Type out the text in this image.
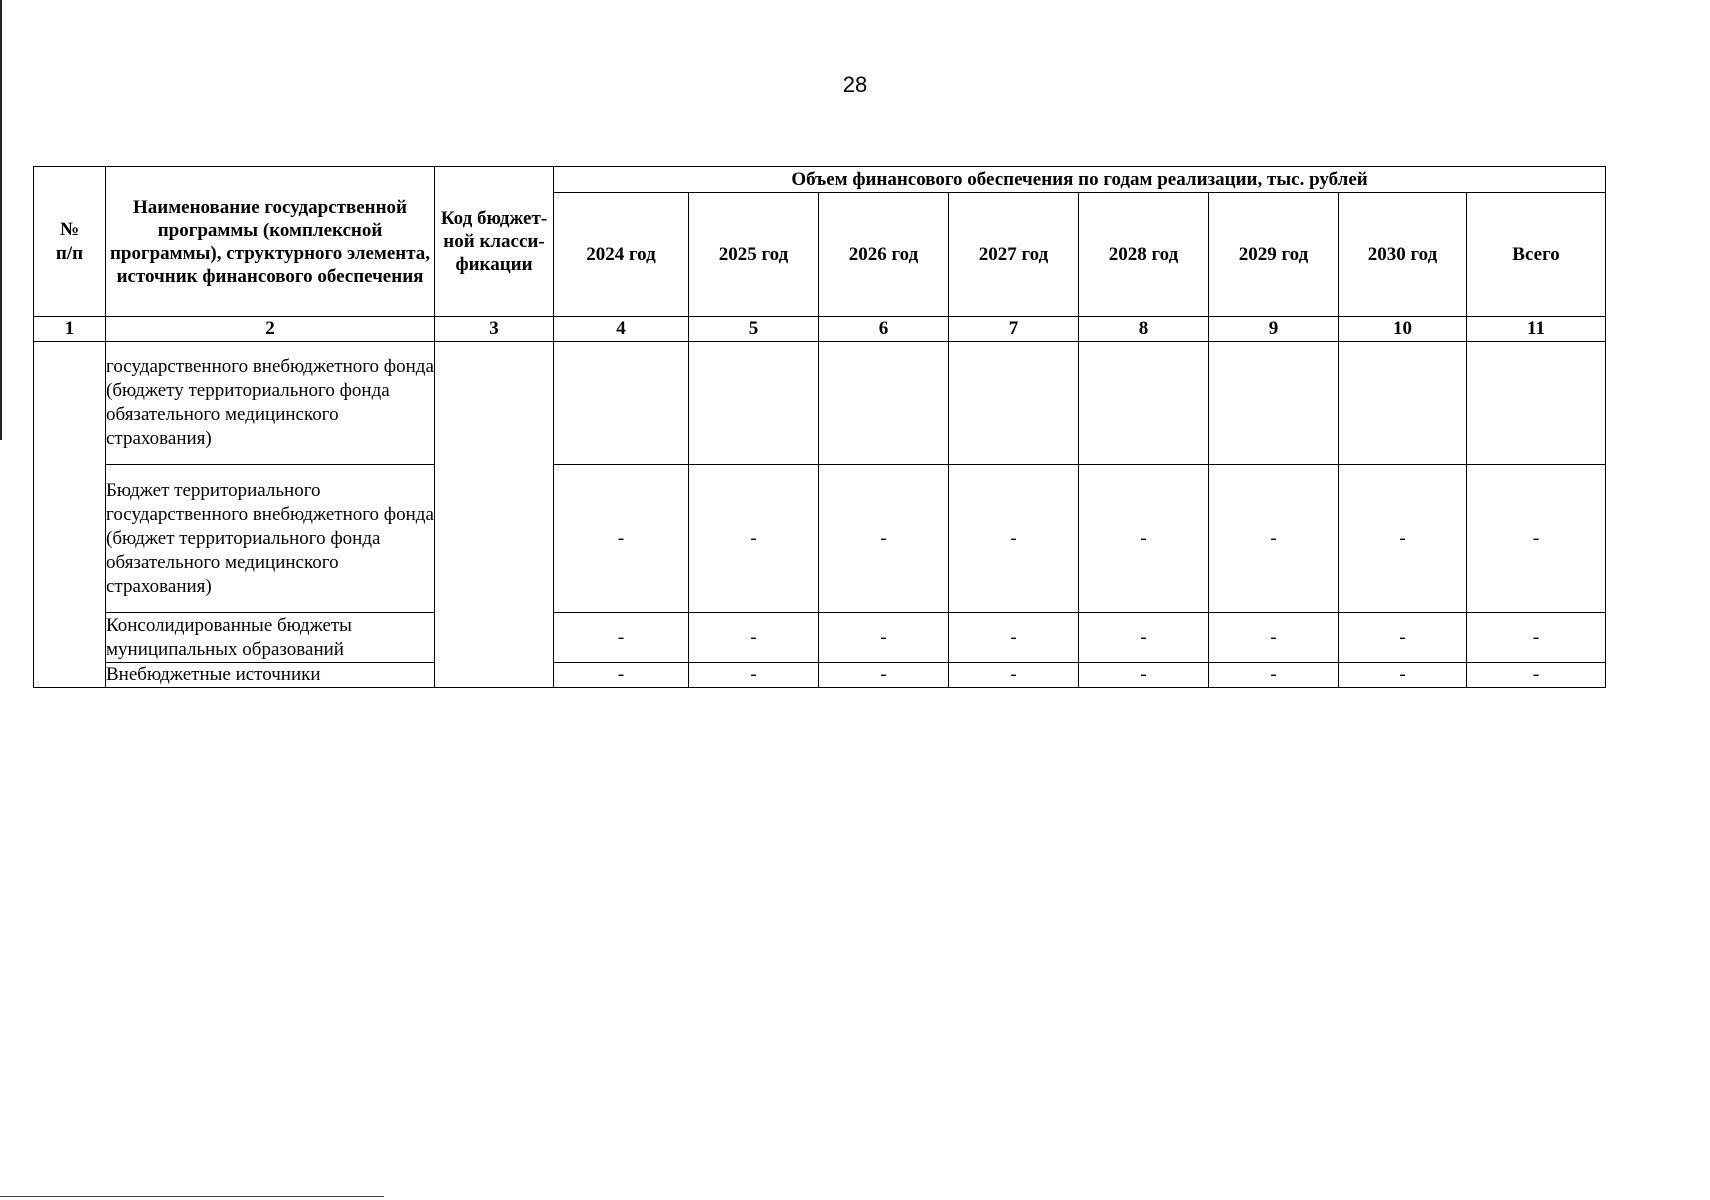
28
№
п/п	Наименование государственной программы (комплексной программы), структурного элемента, источник финансового обеспечения	Код бюджет-ной класси-фикации	Объем финансового обеспечения по годам реализации, тыс. рублей							
			2024 год	2025 год	2026 год	2027 год	2028 год	2029 год	2030 год	Всего
1	2	3	4	5	6	7	8	9	10	11
	государственного внебюджетного фонда (бюджету территориального фонда обязательного медицинского страхования)									
	Бюджет территориального государственного внебюджетного фонда (бюджет территориального фонда обязательного медицинского страхования)		-	-	-	-	-	-	-	-
	Консолидированные бюджеты муниципальных образований		-	-	-	-	-	-	-	-
	Внебюджетные источники		-	-	-	-	-	-	-	-
